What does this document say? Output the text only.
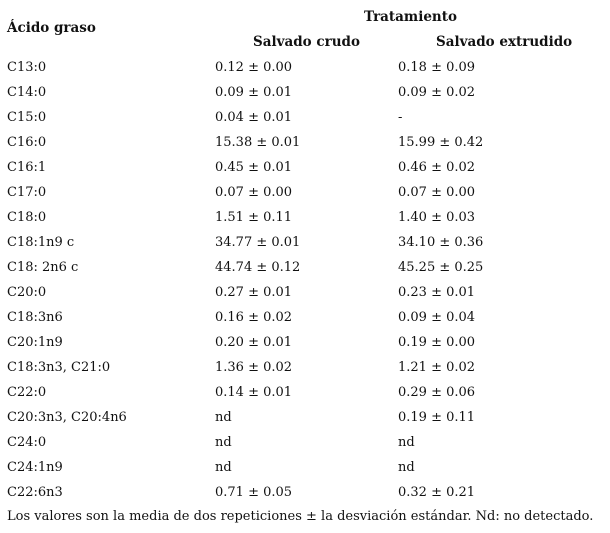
Ácido graso
Tratamiento
Salvado crudo	Salvado extrudido
C13:0	0.12 ± 0.00	0.18 ± 0.09
C14:0	0.09 ± 0.01	0.09 ± 0.02
C15:0	0.04 ± 0.01	-
C16:0	15.38 ± 0.01	15.99 ± 0.42
C16:1	0.45 ± 0.01	0.46 ± 0.02
C17:0	0.07 ± 0.00	0.07 ± 0.00
C18:0	1.51 ± 0.11	1.40 ± 0.03
C18:1n9 c	34.77 ± 0.01	34.10 ± 0.36
C18: 2n6 c	44.74 ± 0.12	45.25 ± 0.25
C20:0	0.27 ± 0.01	0.23 ± 0.01
C18:3n6	0.16 ± 0.02	0.09 ± 0.04
C20:1n9	0.20 ± 0.01	0.19 ± 0.00
C18:3n3, C21:0	1.36 ± 0.02	1.21 ± 0.02
C22:0	0.14 ± 0.01	0.29 ± 0.06
C20:3n3, C20:4n6	nd	0.19 ± 0.11
C24:0	nd	nd
C24:1n9	nd	nd
C22:6n3	0.71 ± 0.05	0.32 ± 0.21
Los valores son la media de dos repeticiones ± la desviación estándar. Nd: no detectado.
